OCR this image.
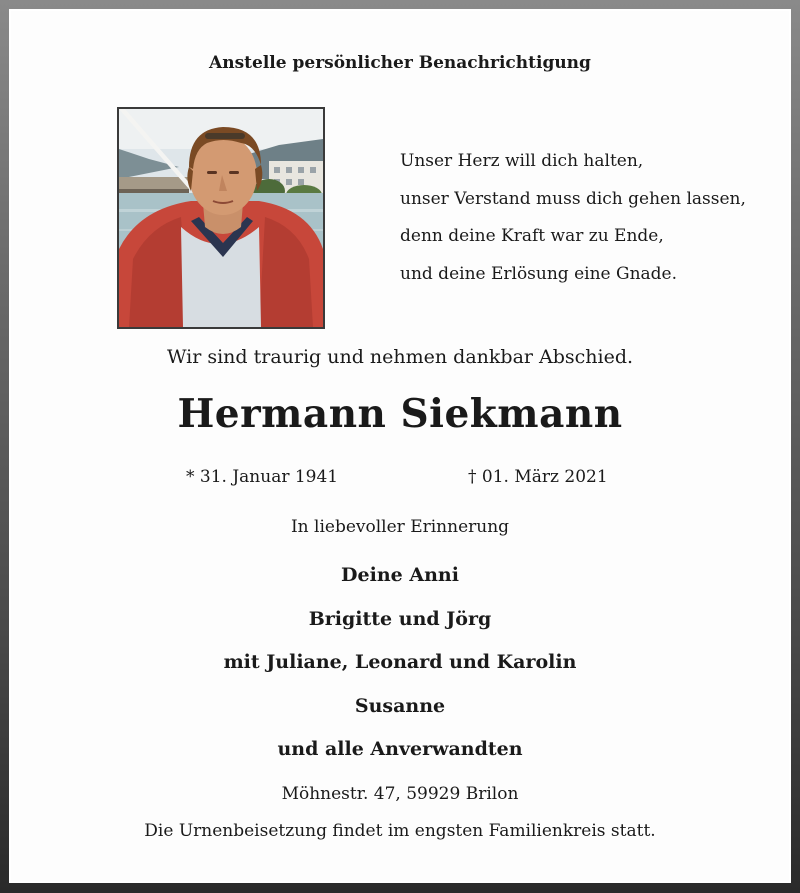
Anstelle persönlicher Benachrichtigung
Unser Herz will dich halten,
unser Verstand muss dich gehen lassen,
denn deine Kraft war zu Ende,
und deine Erlösung eine Gnade.
Wir sind traurig und nehmen dankbar Abschied.
Hermann Siekmann
* 31. Januar 1941	† 01. März 2021
In liebevoller Erinnerung
Deine Anni
Brigitte und Jörg
mit Juliane, Leonard und Karolin
Susanne
und alle Anverwandten
Möhnestr. 47, 59929 Brilon
Die Urnenbeisetzung findet im engsten Familienkreis statt.
